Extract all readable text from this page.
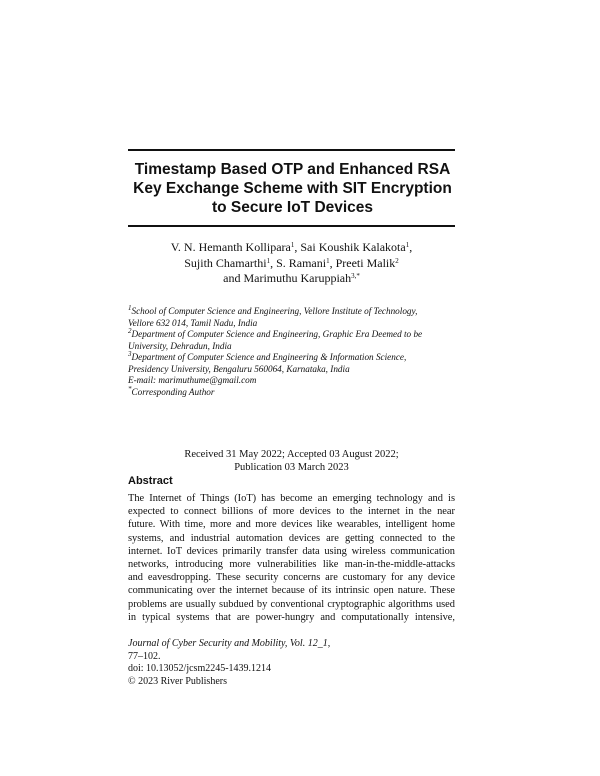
Timestamp Based OTP and Enhanced RSA
Key Exchange Scheme with SIT Encryption
to Secure IoT Devices
V. N. Hemanth Kollipara$^1$, Sai Koushik Kalakota$^1$,
Sujith Chamarthi$^1$, S. Ramani$^1$, Preeti Malik$^2$
and Marimuthu Karuppiah$^{3,*}$
$^1$School of Computer Science and Engineering, Vellore Institute of Technology,
Vellore 632 014, Tamil Nadu, India
$^2$Department of Computer Science and Engineering, Graphic Era Deemed to be
University, Dehradun, India
$^3$Department of Computer Science and Engineering & Information Science,
Presidency University, Bengaluru 560064, Karnataka, India
E-mail: marimuthume@gmail.com
*Corresponding Author
Received 31 May 2022; Accepted 03 August 2022;
Publication 03 March 2023
Abstract
The Internet of Things (IoT) has become an emerging technology and is
expected to connect billions of more devices to the internet in the near
future. With time, more and more devices like wearables, intelligent home
systems, and industrial automation devices are getting connected to the
internet. IoT devices primarily transfer data using wireless communication
networks, introducing more vulnerabilities like man-in-the-middle-attacks
and eavesdropping. These security concerns are customary for any device
communicating over the internet because of its intrinsic open nature. These
problems are usually subdued by conventional cryptographic algorithms used
in typical systems that are power-hungry and computationally intensive,
Journal of Cyber Security and Mobility, Vol. 12_1,
77–102.
doi: 10.13052/jcsm2245-1439.1214
© 2023 River Publishers
